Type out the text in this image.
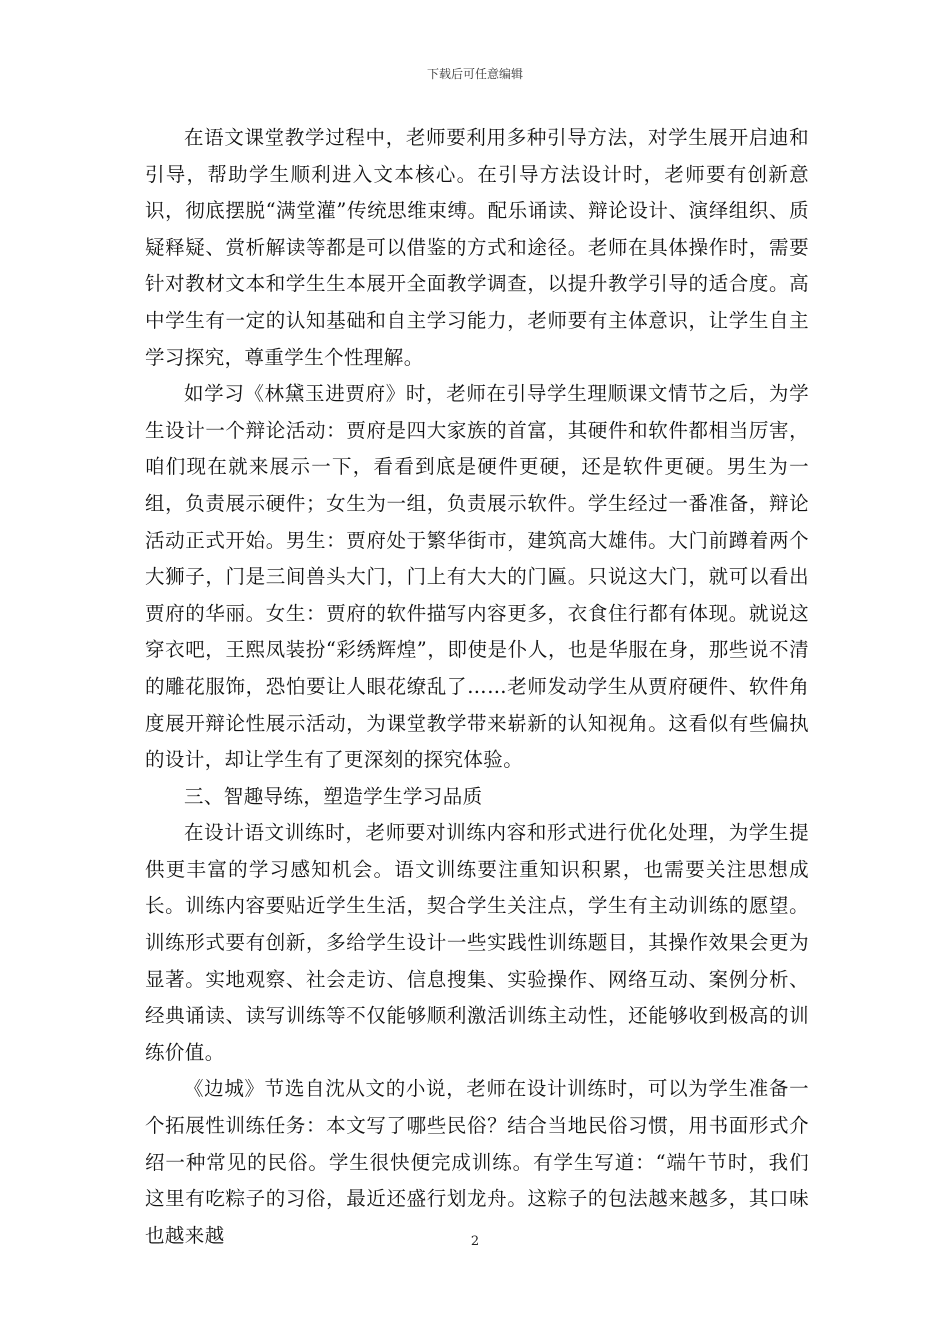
下载后可任意编辑

在语文课堂教学过程中，老师要利用多种引导方法，对学生展开启迪和引导，帮助学生顺利进入文本核心。在引导方法设计时，老师要有创新意识，彻底摆脱“满堂灌”传统思维束缚。配乐诵读、辩论设计、演绎组织、质疑释疑、赏析解读等都是可以借鉴的方式和途径。老师在具体操作时，需要针对教材文本和学生生本展开全面教学调查，以提升教学引导的适合度。高中学生有一定的认知基础和自主学习能力，老师要有主体意识，让学生自主学习探究，尊重学生个性理解。

如学习《林黛玉进贾府》时，老师在引导学生理顺课文情节之后，为学生设计一个辩论活动：贾府是四大家族的首富，其硬件和软件都相当厉害，咱们现在就来展示一下，看看到底是硬件更硬，还是软件更硬。男生为一组，负责展示硬件；女生为一组，负责展示软件。学生经过一番准备，辩论活动正式开始。男生：贾府处于繁华街市，建筑高大雄伟。大门前蹲着两个大狮子，门是三间兽头大门，门上有大大的门匾。只说这大门，就可以看出贾府的华丽。女生：贾府的软件描写内容更多，衣食住行都有体现。就说这穿衣吧，王熙凤装扮“彩绣辉煌”，即使是仆人，也是华服在身，那些说不清的雕花服饰，恐怕要让人眼花缭乱了……老师发动学生从贾府硬件、软件角度展开辩论性展示活动，为课堂教学带来崭新的认知视角。这看似有些偏执的设计，却让学生有了更深刻的探究体验。

三、智趣导练，塑造学生学习品质

在设计语文训练时，老师要对训练内容和形式进行优化处理，为学生提供更丰富的学习感知机会。语文训练要注重知识积累，也需要关注思想成长。训练内容要贴近学生生活，契合学生关注点，学生有主动训练的愿望。训练形式要有创新，多给学生设计一些实践性训练题目，其操作效果会更为显著。实地观察、社会走访、信息搜集、实验操作、网络互动、案例分析、经典诵读、读写训练等不仅能够顺利激活训练主动性，还能够收到极高的训练价值。

《边城》节选自沈从文的小说，老师在设计训练时，可以为学生准备一个拓展性训练任务：本文写了哪些民俗？结合当地民俗习惯，用书面形式介绍一种常见的民俗。学生很快便完成训练。有学生写道：“端午节时，我们这里有吃粽子的习俗，最近还盛行划龙舟。这粽子的包法越来越多，其口味也越来越	2
